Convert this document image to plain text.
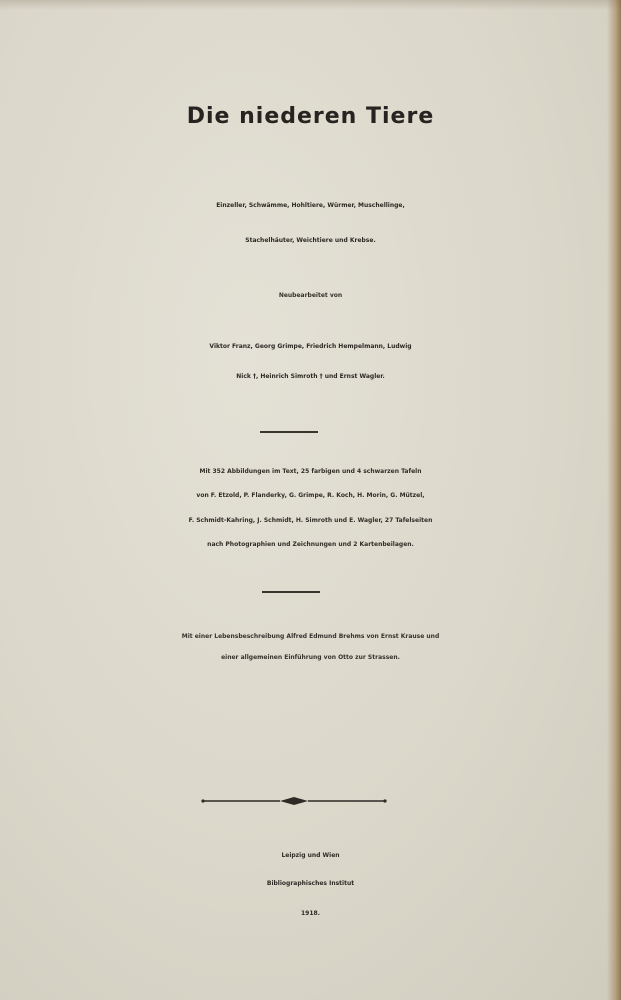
Die niederen Tiere
Einzeller, Schwämme, Hohltiere, Würmer, Muschellinge,
Stachelhäuter, Weichtiere und Krebse.
Neubearbeitet von
Viktor Franz, Georg Grimpe, Friedrich Hempelmann, Ludwig
Nick †, Heinrich Simroth † und Ernst Wagler.
Mit 352 Abbildungen im Text, 25 farbigen und 4 schwarzen Tafeln
von F. Etzold, P. Flanderky, G. Grimpe, R. Koch, H. Morin, G. Mützel,
F. Schmidt-Kahring, J. Schmidt, H. Simroth und E. Wagler, 27 Tafelseiten
nach Photographien und Zeichnungen und 2 Kartenbeilagen.
Mit einer Lebensbeschreibung Alfred Edmund Brehms von Ernst Krause und
einer allgemeinen Einführung von Otto zur Strassen.
Leipzig und Wien
Bibliographisches Institut
1918.
